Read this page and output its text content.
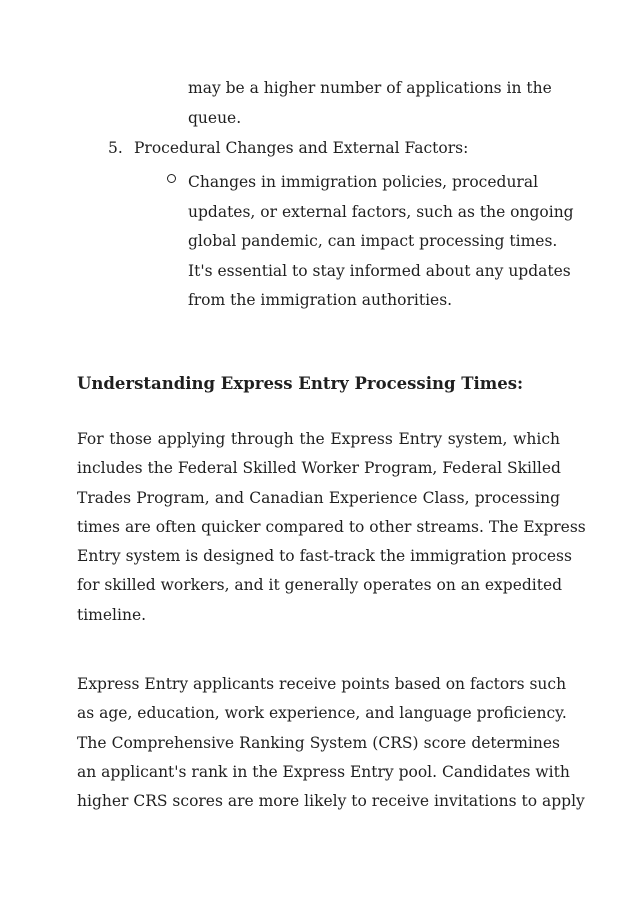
may be a higher number of applications in the
queue.
5. Procedural Changes and External Factors:
Changes in immigration policies, procedural
updates, or external factors, such as the ongoing
global pandemic, can impact processing times.
It's essential to stay informed about any updates
from the immigration authorities.
Understanding Express Entry Processing Times:
For those applying through the Express Entry system, which
includes the Federal Skilled Worker Program, Federal Skilled
Trades Program, and Canadian Experience Class, processing
times are often quicker compared to other streams. The Express
Entry system is designed to fast-track the immigration process
for skilled workers, and it generally operates on an expedited
timeline.
Express Entry applicants receive points based on factors such
as age, education, work experience, and language proficiency.
The Comprehensive Ranking System (CRS) score determines
an applicant's rank in the Express Entry pool. Candidates with
higher CRS scores are more likely to receive invitations to apply
